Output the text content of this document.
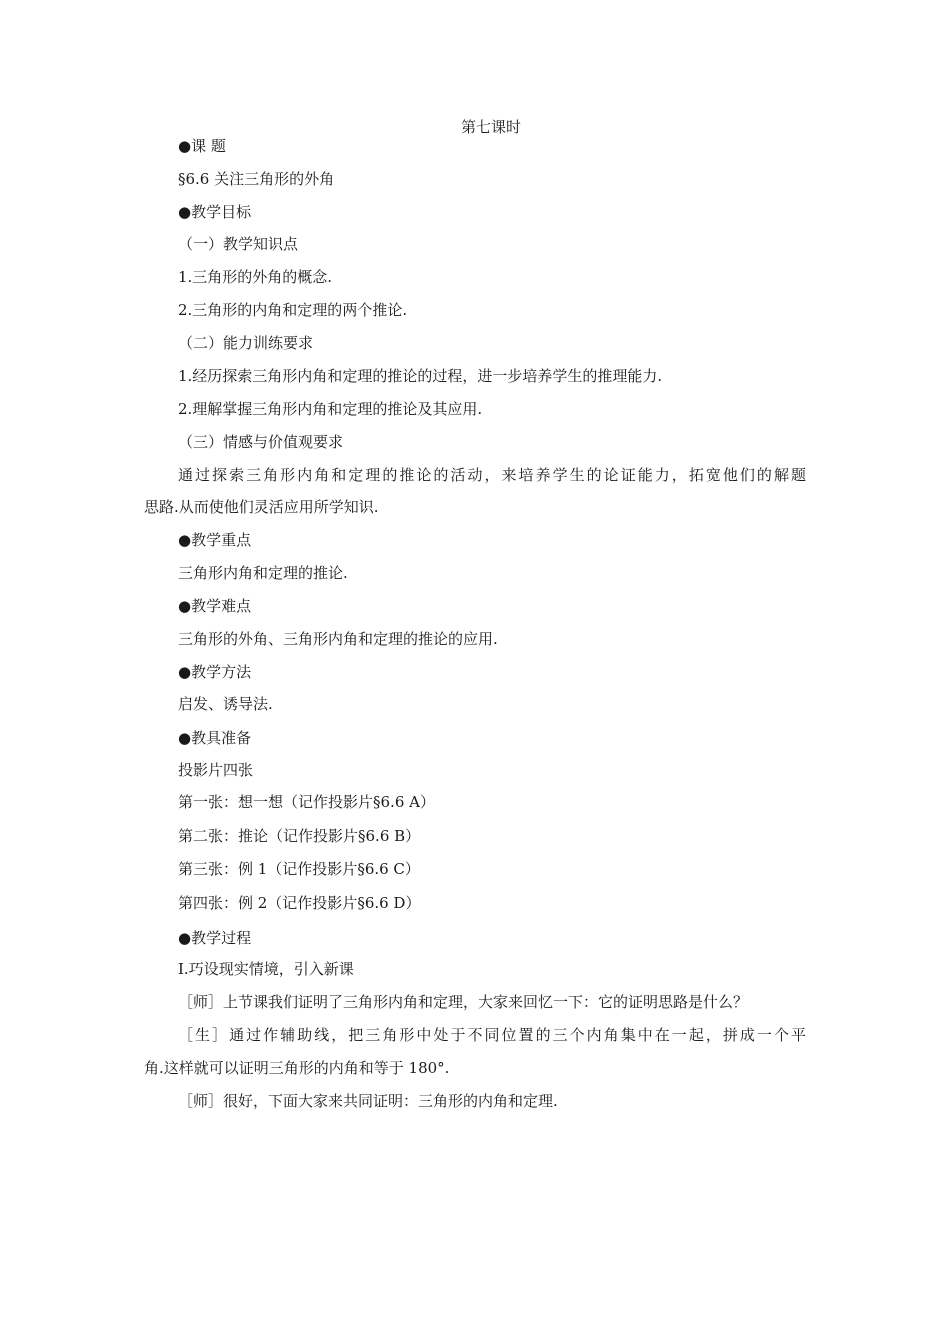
第七课时
●课 题
§6.6 关注三角形的外角
●教学目标
（一）教学知识点
1.三角形的外角的概念.
2.三角形的内角和定理的两个推论.
（二）能力训练要求
1.经历探索三角形内角和定理的推论的过程，进一步培养学生的推理能力.
2.理解掌握三角形内角和定理的推论及其应用.
（三）情感与价值观要求
通过探索三角形内角和定理的推论的活动，来培养学生的论证能力，拓宽他们的解题
思路.从而使他们灵活应用所学知识.
●教学重点
三角形内角和定理的推论.
●教学难点
三角形的外角、三角形内角和定理的推论的应用.
●教学方法
启发、诱导法.
●教具准备
投影片四张
第一张：想一想（记作投影片§6.6 A）
第二张：推论（记作投影片§6.6 B）
第三张：例 1（记作投影片§6.6 C）
第四张：例 2（记作投影片§6.6 D）
●教学过程
Ⅰ.巧设现实情境，引入新课
［师］上节课我们证明了三角形内角和定理，大家来回忆一下：它的证明思路是什么？
［生］通过作辅助线，把三角形中处于不同位置的三个内角集中在一起，拼成一个平
角.这样就可以证明三角形的内角和等于 180°.
［师］很好，下面大家来共同证明：三角形的内角和定理.
